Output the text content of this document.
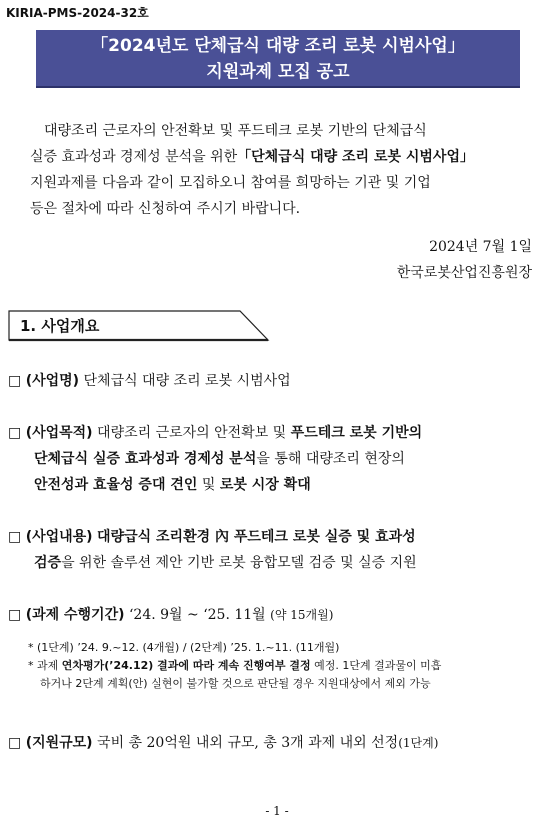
KIRIA-PMS-2024-32호
「2024년도 단체급식 대량 조리 로봇 시범사업」
지원과제 모집 공고
대량조리 근로자의 안전확보 및 푸드테크 로봇 기반의 단체급식
실증 효과성과 경제성 분석을 위한「단체급식 대량 조리 로봇 시범사업」
지원과제를 다음과 같이 모집하오니 참여를 희망하는 기관 및 기업
등은 절차에 따라 신청하여 주시기 바랍니다.
2024년 7월 1일
한국로봇산업진흥원장
1. 사업개요
□ (사업명) 단체급식 대량 조리 로봇 시범사업
□ (사업목적) 대량조리 근로자의 안전확보 및 푸드테크 로봇 기반의
단체급식 실증 효과성과 경제성 분석을 통해 대량조리 현장의
안전성과 효율성 증대 견인 및 로봇 시장 확대
□ (사업내용) 대량급식 조리환경 內 푸드테크 로봇 실증 및 효과성
검증을 위한 솔루션 제안 기반 로봇 융합모델 검증 및 실증 지원
□ (과제 수행기간) ‘24. 9월 ~ ‘25. 11월 (약 15개월)
* (1단계) ’24. 9.~12. (4개월) / (2단계) ’25. 1.~11. (11개월)
* 과제 연차평가(’24.12) 결과에 따라 계속 진행여부 결정 예정. 1단계 결과물이 미흡
하거나 2단계 계획(안) 실현이 불가할 것으로 판단될 경우 지원대상에서 제외 가능
□ (지원규모) 국비 총 20억원 내외 규모, 총 3개 과제 내외 선정(1단계)
- 1 -
